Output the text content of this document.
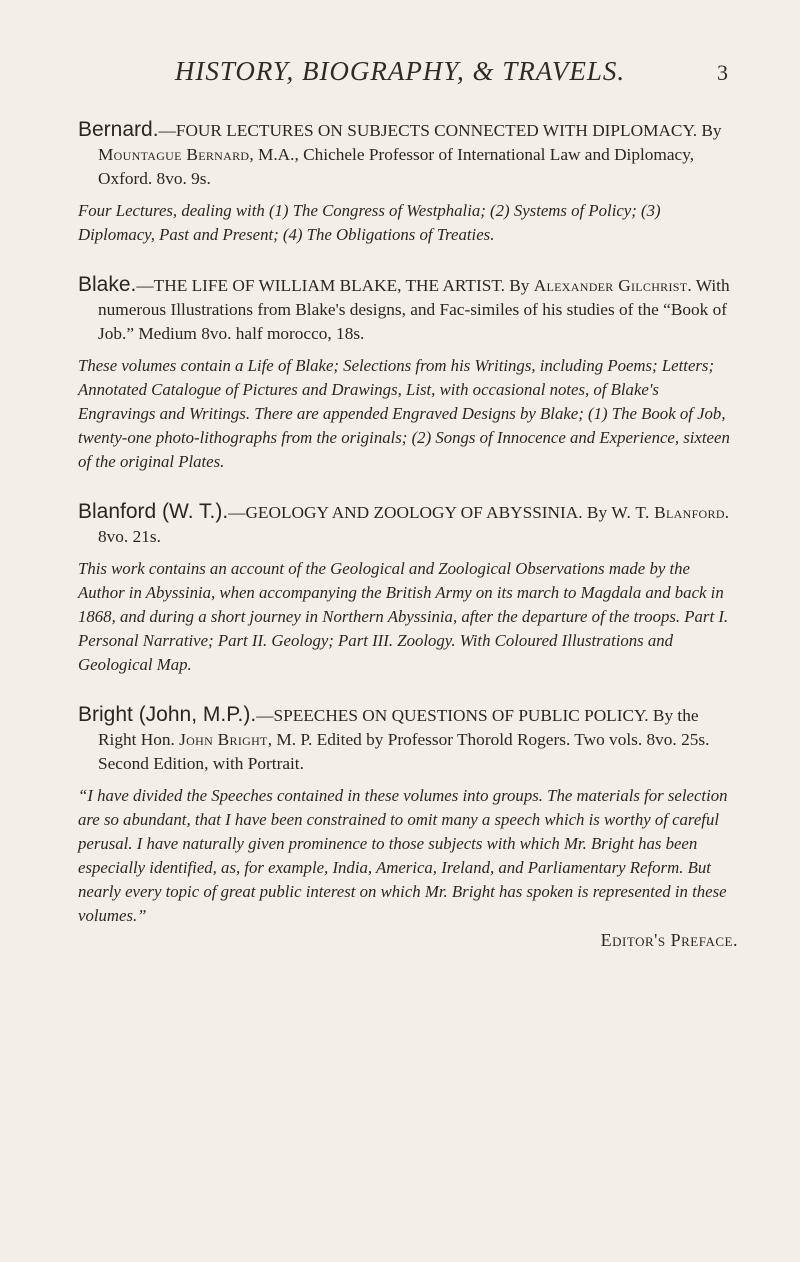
HISTORY, BIOGRAPHY, & TRAVELS.	3

Bernard.—FOUR LECTURES ON SUBJECTS CONNECTED WITH DIPLOMACY. By Mountague Bernard, M.A., Chichele Professor of International Law and Diplomacy, Oxford. 8vo. 9s.

Four Lectures, dealing with (1) The Congress of Westphalia; (2) Systems of Policy; (3) Diplomacy, Past and Present; (4) The Obligations of Treaties.

Blake.—THE LIFE OF WILLIAM BLAKE, THE ARTIST. By Alexander Gilchrist. With numerous Illustrations from Blake's designs, and Fac-similes of his studies of the “Book of Job.” Medium 8vo. half morocco, 18s.

These volumes contain a Life of Blake; Selections from his Writings, including Poems; Letters; Annotated Catalogue of Pictures and Drawings, List, with occasional notes, of Blake's Engravings and Writings. There are appended Engraved Designs by Blake; (1) The Book of Job, twenty-one photo-lithographs from the originals; (2) Songs of Innocence and Experience, sixteen of the original Plates.

Blanford (W. T.).—GEOLOGY AND ZOOLOGY OF ABYSSINIA. By W. T. Blanford. 8vo. 21s.

This work contains an account of the Geological and Zoological Observations made by the Author in Abyssinia, when accompanying the British Army on its march to Magdala and back in 1868, and during a short journey in Northern Abyssinia, after the departure of the troops. Part I. Personal Narrative; Part II. Geology; Part III. Zoology. With Coloured Illustrations and Geological Map.

Bright (John, M.P.).—SPEECHES ON QUESTIONS OF PUBLIC POLICY. By the Right Hon. John Bright, M. P. Edited by Professor Thorold Rogers. Two vols. 8vo. 25s. Second Edition, with Portrait.

“I have divided the Speeches contained in these volumes into groups. The materials for selection are so abundant, that I have been constrained to omit many a speech which is worthy of careful perusal. I have naturally given prominence to those subjects with which Mr. Bright has been especially identified, as, for example, India, America, Ireland, and Parliamentary Reform. But nearly every topic of great public interest on which Mr. Bright has spoken is represented in these volumes.”

Editor's Preface.
